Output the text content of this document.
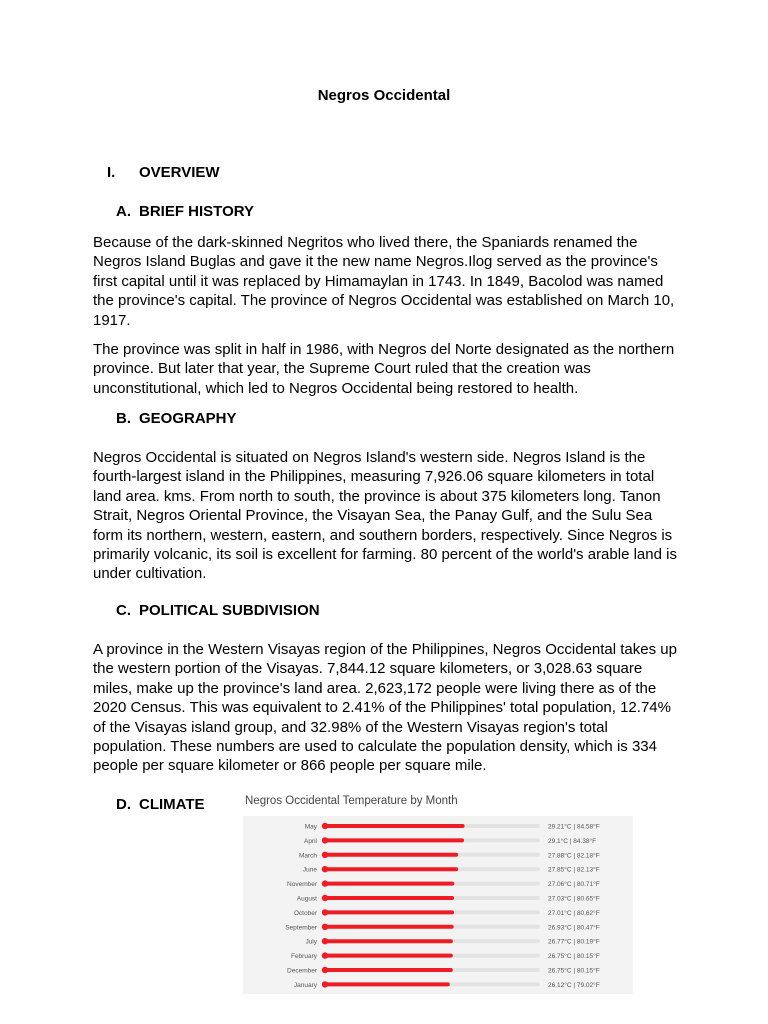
Negros Occidental
I. OVERVIEW
A. BRIEF HISTORY

Because of the dark-skinned Negritos who lived there, the Spaniards renamed the Negros Island Buglas and gave it the new name Negros.Ilog served as the province's first capital until it was replaced by Himamaylan in 1743. In 1849, Bacolod was named the province's capital. The province of Negros Occidental was established on March 10, 1917.

The province was split in half in 1986, with Negros del Norte designated as the northern province. But later that year, the Supreme Court ruled that the creation was unconstitutional, which led to Negros Occidental being restored to health.

B. GEOGRAPHY

Negros Occidental is situated on Negros Island's western side. Negros Island is the fourth-largest island in the Philippines, measuring 7,926.06 square kilometers in total land area. kms. From north to south, the province is about 375 kilometers long. Tanon Strait, Negros Oriental Province, the Visayan Sea, the Panay Gulf, and the Sulu Sea form its northern, western, eastern, and southern borders, respectively. Since Negros is primarily volcanic, its soil is excellent for farming. 80 percent of the world's arable land is under cultivation.

C. POLITICAL SUBDIVISION

A province in the Western Visayas region of the Philippines, Negros Occidental takes up the western portion of the Visayas. 7,844.12 square kilometers, or 3,028.63 square miles, make up the province's land area. 2,623,172 people were living there as of the 2020 Census. This was equivalent to 2.41% of the Philippines' total population, 12.74% of the Visayas island group, and 32.98% of the Western Visayas region's total population. These numbers are used to calculate the population density, which is 334 people per square kilometer or 866 people per square mile.

D. CLIMATE	Negros Occidental Temperature by Month
May	29.21°C | 84.58°F
April	29.1°C | 84.38°F
March	27.88°C | 82.18°F
June	27.85°C | 82.13°F
November	27.06°C | 80.71°F
August	27.03°C | 80.65°F
October	27.01°C | 80.62°F
September	26.93°C | 80.47°F
July	26.77°C | 80.19°F
February	26.75°C | 80.15°F
December	26.75°C | 80.15°F
January	26.12°C | 79.02°F
